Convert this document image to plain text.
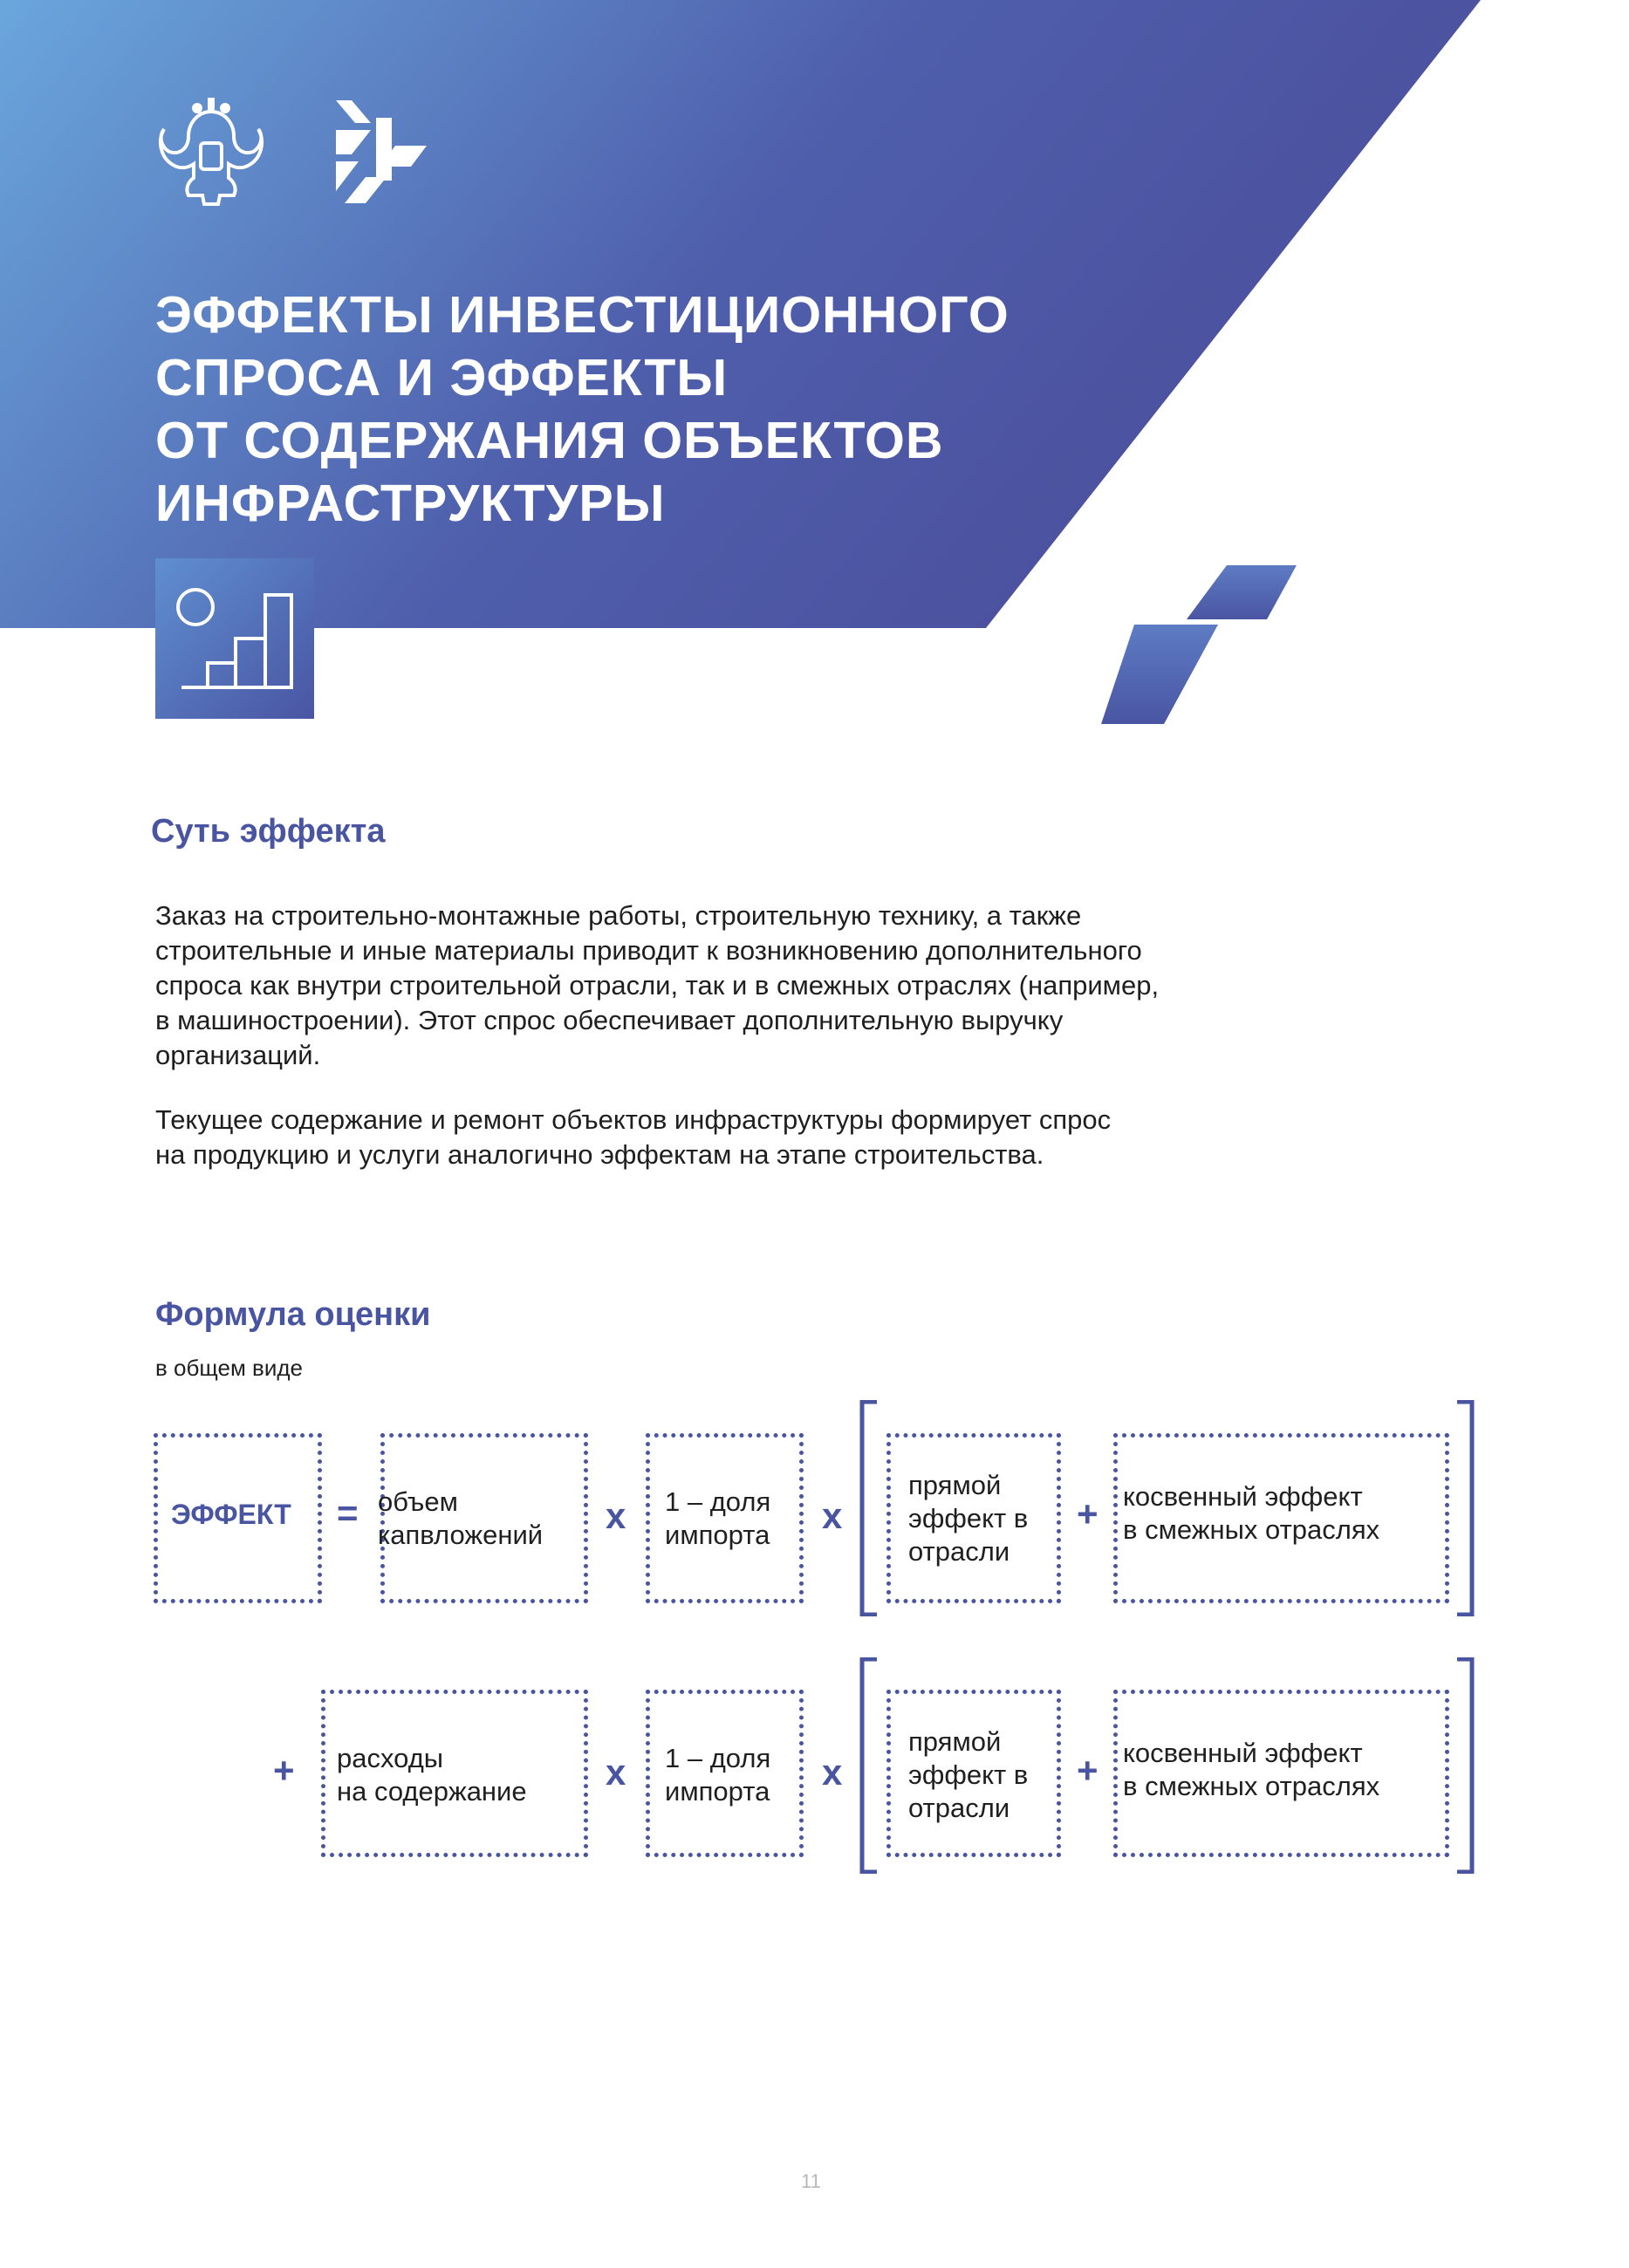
ЭФФЕКТЫ ИНВЕСТИЦИОННОГО
СПРОСА И ЭФФЕКТЫ
ОТ СОДЕРЖАНИЯ ОБЪЕКТОВ
ИНФРАСТРУКТУРЫ
Суть эффекта
Заказ на строительно-монтажные работы, строительную технику, а также
строительные и иные материалы приводит к возникновению дополнительного
спроса как внутри строительной отрасли, так и в смежных отраслях (например,
в машиностроении). Этот спрос обеспечивает дополнительную выручку
организаций.
Текущее содержание и ремонт объектов инфраструктуры формирует спрос
на продукцию и услуги аналогично эффектам на этапе строительства.
Формула оценки
в общем виде
ЭФФЕКТ = объем
капвложений x 1 – доля
импорта x
прямой
эффект в
отрасли
+ косвенный эффект
в смежных отраслях
+ расходы
на содержание x 1 – доля
импорта x
прямой
эффект в
отрасли
+ косвенный эффект
в смежных отраслях
11
